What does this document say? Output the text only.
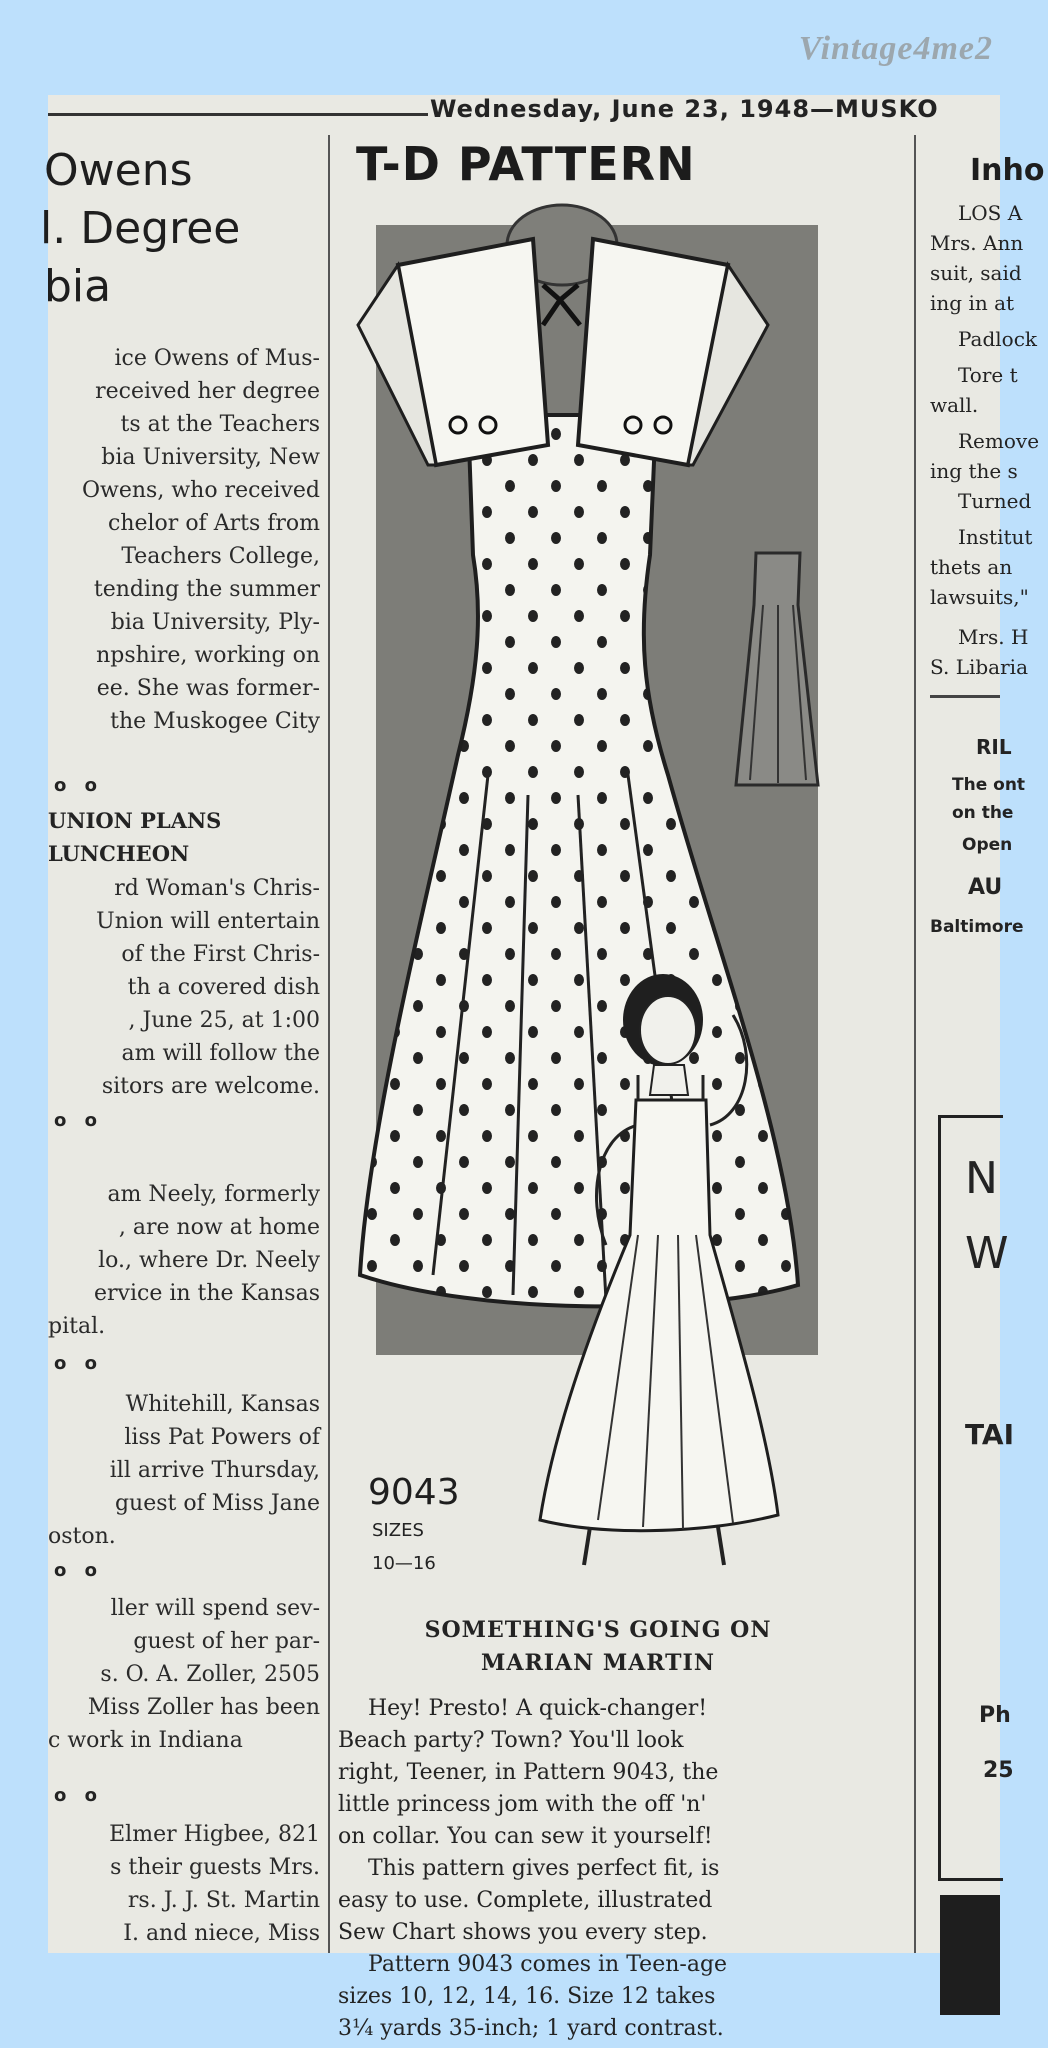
Vintage4me2
Wednesday, June 23, 1948—MUSKO
Owens
l. Degree
bia
ice Owens of Mus-
received her degree
ts at the Teachers
bia University, New
Owens, who received
chelor of Arts from
Teachers College,
tending the summer
bia University, Ply-
npshire, working on
ee. She was former-
the Muskogee City
o o
UNION PLANS
LUNCHEON
rd Woman's Chris-
Union will entertain
of the First Chris-
th a covered dish
, June 25, at 1:00
am will follow the
sitors are welcome.
o o
am Neely, formerly
, are now at home
lo., where Dr. Neely
ervice in the Kansas
pital.
o o
Whitehill, Kansas
liss Pat Powers of
ill arrive Thursday,
guest of Miss Jane
oston.
o o
ller will spend sev-
guest of her par-
s. O. A. Zoller, 2505
Miss Zoller has been
c work in Indiana
o o
Elmer Higbee, 821
s their guests Mrs.
rs. J. J. St. Martin
I. and niece, Miss
T-D PATTERN
9043
SIZES
10—16
SOMETHING'S GOING ON
MARIAN MARTIN
Hey! Presto! A quick-changer!
Beach party? Town? You'll look
right, Teener, in Pattern 9043, the
little princess jom with the off 'n'
on collar. You can sew it yourself!
This pattern gives perfect fit, is
easy to use. Complete, illustrated
Sew Chart shows you every step.
Pattern 9043 comes in Teen-age
sizes 10, 12, 14, 16. Size 12 takes
3¼ yards 35-inch; 1 yard contrast.
Inho
LOS A
Mrs. Ann
suit, said
ing in at
Padlock
Tore t
wall.
Remove
ing the s
Turned
Institut
thets an
lawsuits,"
Mrs. H
S. Libaria
RIL
The ont
on the
Open
AU
Baltimore
N
W
TAI
Ph
25
